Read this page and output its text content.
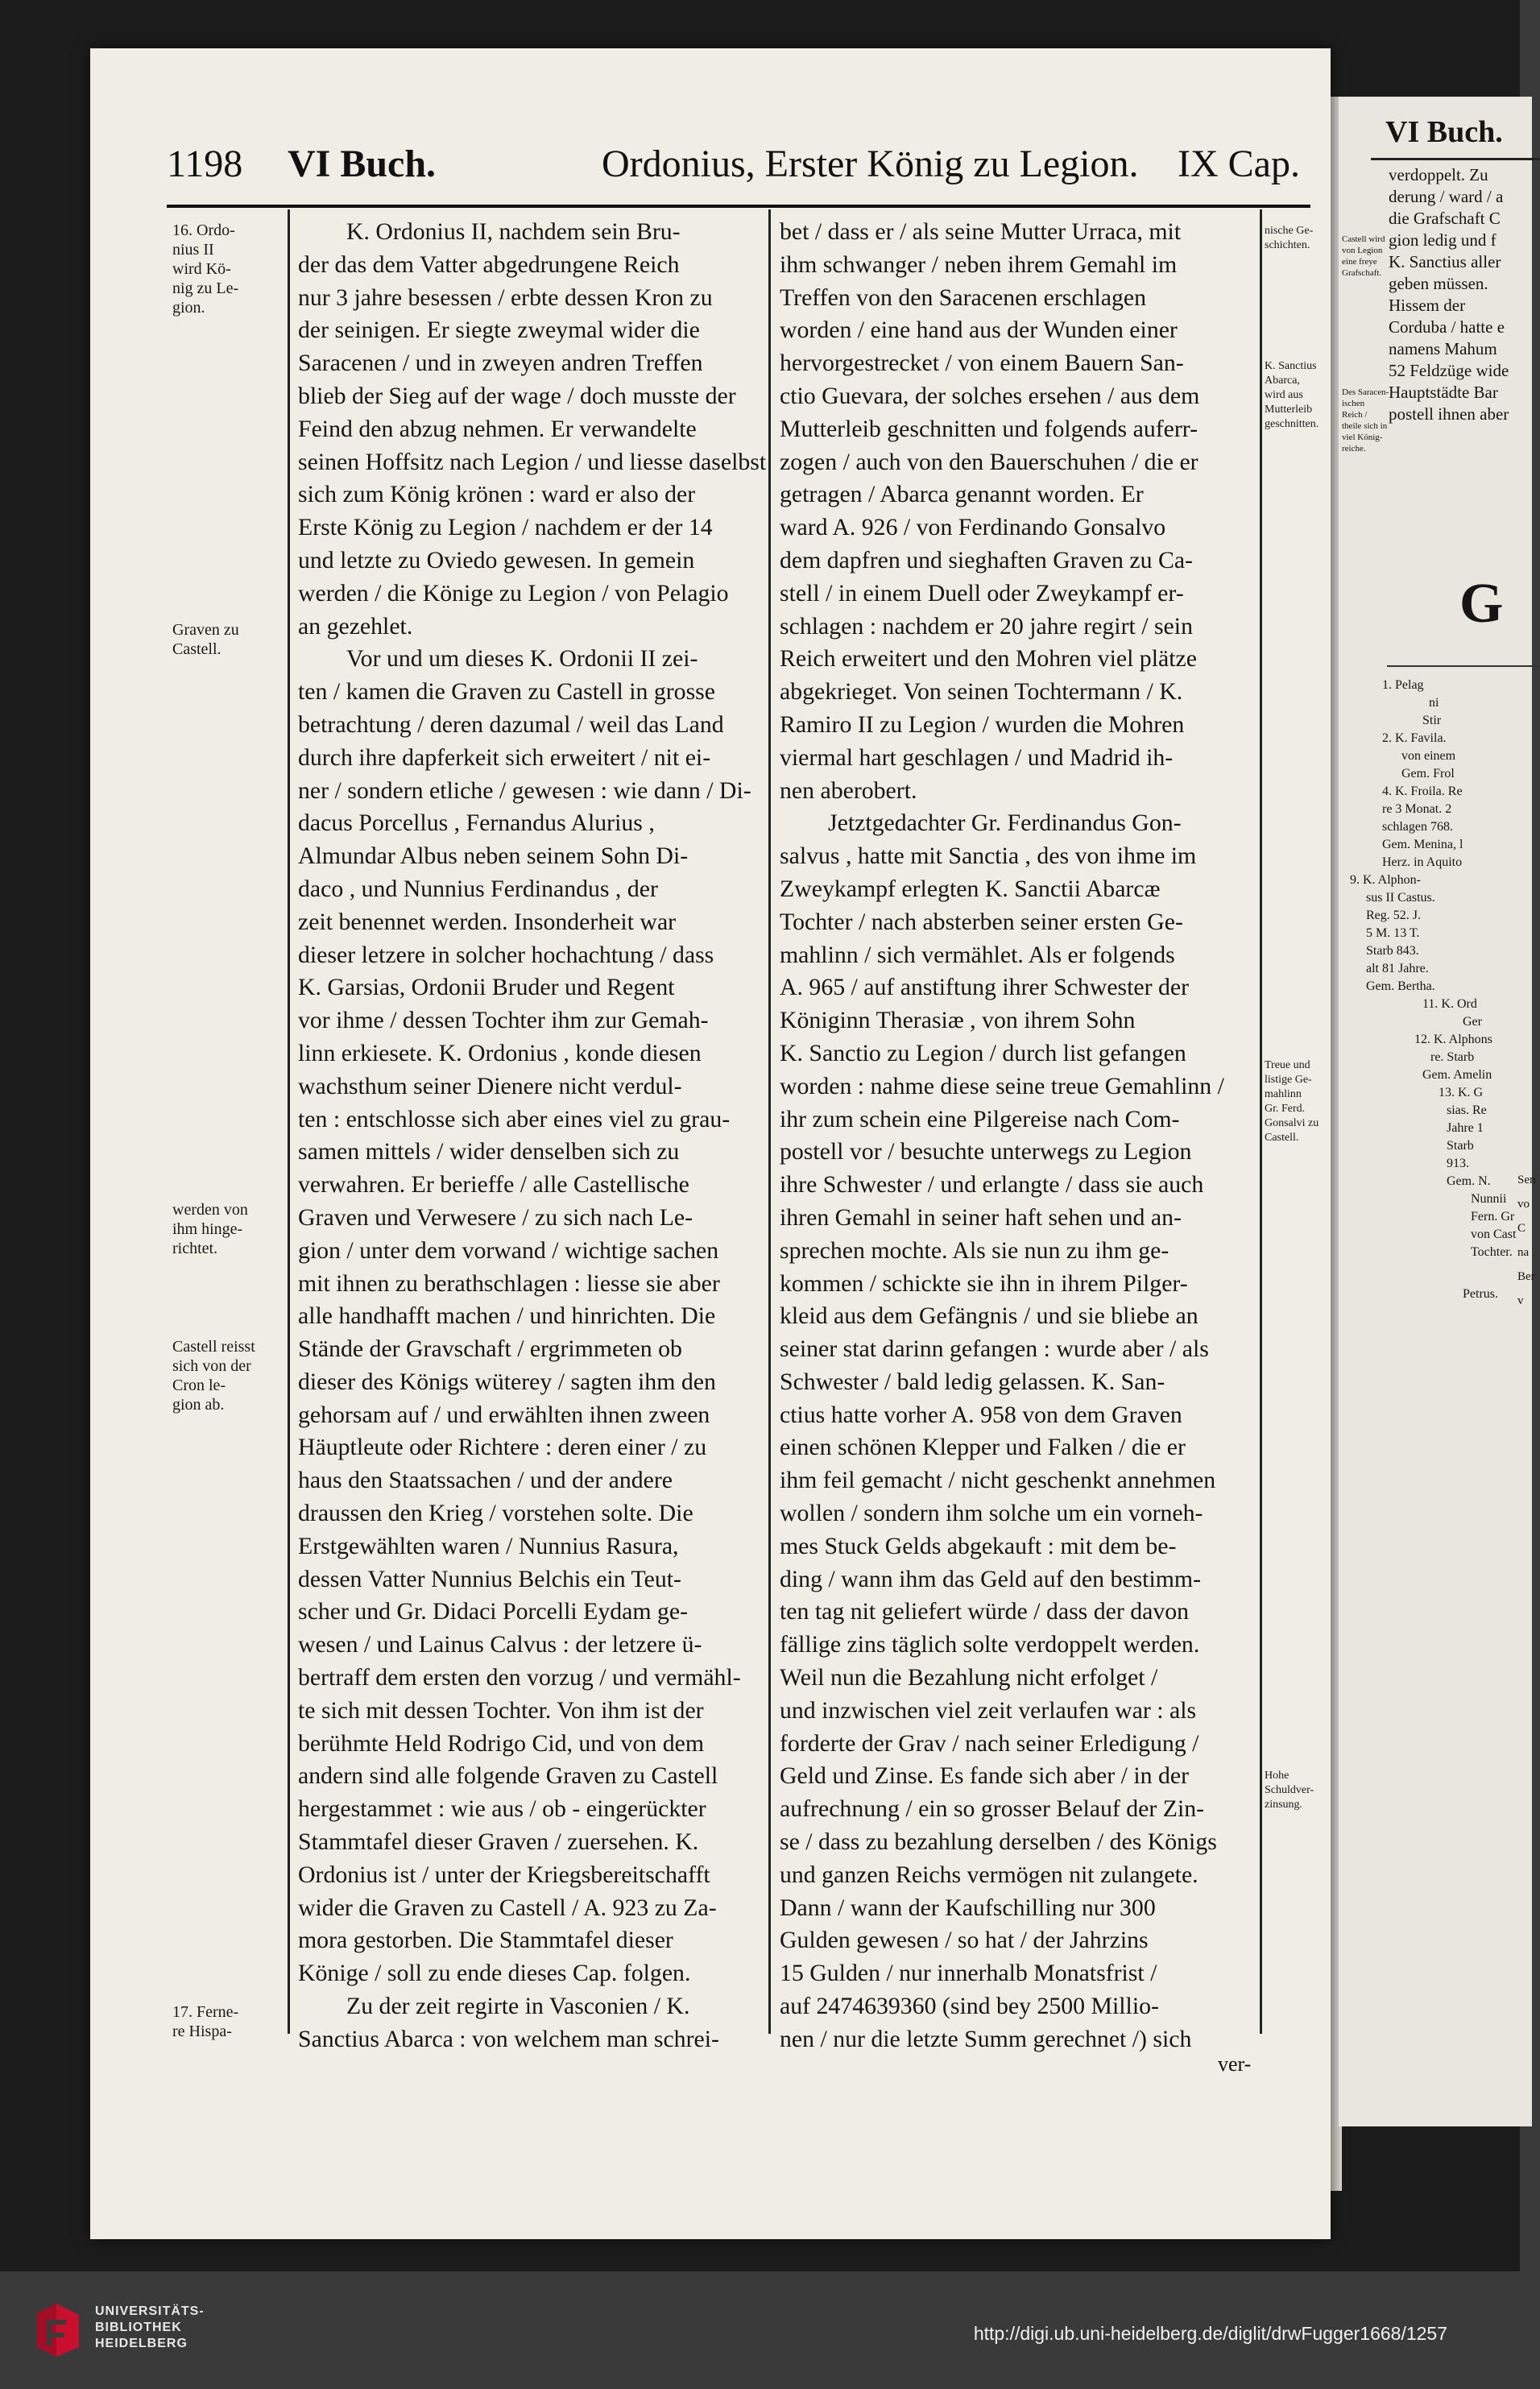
1198 VI Buch.	Ordonius, Erster König zu Legion. IX Cap.

16. Ordo-

nius II

wird Kö-

nig zu Le-

gion.

Graven zu

Castell.

werden von

ihm hinge-

richtet.

Castell reisst

sich von der

Cron le-

gion ab.

17. Ferne-

re Hispa-

K. Ordonius II, nachdem sein Bru-

der das dem Vatter abgedrungene Reich

nur 3 jahre besessen / erbte dessen Kron zu

der seinigen. Er siegte zweymal wider die

Saracenen / und in zweyen andren Treffen

blieb der Sieg auf der wage / doch musste der

Feind den abzug nehmen. Er verwandelte

seinen Hoffsitz nach Legion / und liesse daselbst

sich zum König krönen : ward er also der

Erste König zu Legion / nachdem er der 14

und letzte zu Oviedo gewesen. In gemein

werden / die Könige zu Legion / von Pelagio

an gezehlet.

Vor und um dieses K. Ordonii II zei-

ten / kamen die Graven zu Castell in grosse

betrachtung / deren dazumal / weil das Land

durch ihre dapferkeit sich erweitert / nit ei-

ner / sondern etliche / gewesen : wie dann / Di-

dacus Porcellus , Fernandus Alurius ,

Almundar Albus neben seinem Sohn Di-

daco , und Nunnius Ferdinandus , der

zeit benennet werden. Insonderheit war

dieser letzere in solcher hochachtung / dass

K. Garsias, Ordonii Bruder und Regent

vor ihme / dessen Tochter ihm zur Gemah-

linn erkiesete. K. Ordonius , konde diesen

wachsthum seiner Dienere nicht verdul-

ten : entschlosse sich aber eines viel zu grau-

samen mittels / wider denselben sich zu

verwahren. Er berieffe / alle Castellische

Graven und Verwesere / zu sich nach Le-

gion / unter dem vorwand / wichtige sachen

mit ihnen zu berathschlagen : liesse sie aber

alle handhafft machen / und hinrichten. Die

Stände der Gravschaft / ergrimmeten ob

dieser des Königs wüterey / sagten ihm den

gehorsam auf / und erwählten ihnen zween

Häuptleute oder Richtere : deren einer / zu

haus den Staatssachen / und der andere

draussen den Krieg / vorstehen solte. Die

Erstgewählten waren / Nunnius Rasura,

dessen Vatter Nunnius Belchis ein Teut-

scher und Gr. Didaci Porcelli Eydam ge-

wesen / und Lainus Calvus : der letzere ü-

bertraff dem ersten den vorzug / und vermähl-

te sich mit dessen Tochter. Von ihm ist der

berühmte Held Rodrigo Cid, und von dem

andern sind alle folgende Graven zu Castell

hergestammet : wie aus / ob - eingerückter

Stammtafel dieser Graven / zuersehen. K.

Ordonius ist / unter der Kriegsbereitschafft

wider die Graven zu Castell / A. 923 zu Za-

mora gestorben. Die Stammtafel dieser

Könige / soll zu ende dieses Cap. folgen.

Zu der zeit regirte in Vasconien / K.

Sanctius Abarca : von welchem man schrei-

bet / dass er / als seine Mutter Urraca, mit

ihm schwanger / neben ihrem Gemahl im

Treffen von den Saracenen erschlagen

worden / eine hand aus der Wunden einer

hervorgestrecket / von einem Bauern San-

ctio Guevara, der solches ersehen / aus dem

Mutterleib geschnitten und folgends auferr-

zogen / auch von den Bauerschuhen / die er

getragen / Abarca genannt worden. Er

ward A. 926 / von Ferdinando Gonsalvo

dem dapfren und sieghaften Graven zu Ca-

stell / in einem Duell oder Zweykampf er-

schlagen : nachdem er 20 jahre regirt / sein

Reich erweitert und den Mohren viel plätze

abgekrieget. Von seinen Tochtermann / K.

Ramiro II zu Legion / wurden die Mohren

viermal hart geschlagen / und Madrid ih-

nen aberobert.

Jetztgedachter Gr. Ferdinandus Gon-

salvus , hatte mit Sanctia , des von ihme im

Zweykampf erlegten K. Sanctii Abarcæ

Tochter / nach absterben seiner ersten Ge-

mahlinn / sich vermählet. Als er folgends

A. 965 / auf anstiftung ihrer Schwester der

Königinn Therasiæ , von ihrem Sohn

K. Sanctio zu Legion / durch list gefangen

worden : nahme diese seine treue Gemahlinn /

ihr zum schein eine Pilgereise nach Com-

postell vor / besuchte unterwegs zu Legion

ihre Schwester / und erlangte / dass sie auch

ihren Gemahl in seiner haft sehen und an-

sprechen mochte. Als sie nun zu ihm ge-

kommen / schickte sie ihn in ihrem Pilger-

kleid aus dem Gefängnis / und sie bliebe an

seiner stat darinn gefangen : wurde aber / als

Schwester / bald ledig gelassen. K. San-

ctius hatte vorher A. 958 von dem Graven

einen schönen Klepper und Falken / die er

ihm feil gemacht / nicht geschenkt annehmen

wollen / sondern ihm solche um ein vorneh-

mes Stuck Gelds abgekauft : mit dem be-

ding / wann ihm das Geld auf den bestimm-

ten tag nit geliefert würde / dass der davon

fällige zins täglich solte verdoppelt werden.

Weil nun die Bezahlung nicht erfolget /

und inzwischen viel zeit verlaufen war : als

forderte der Grav / nach seiner Erledigung /

Geld und Zinse. Es fande sich aber / in der

aufrechnung / ein so grosser Belauf der Zin-

se / dass zu bezahlung derselben / des Königs

und ganzen Reichs vermögen nit zulangete.

Dann / wann der Kaufschilling nur 300

Gulden gewesen / so hat / der Jahrzins

15 Gulden / nur innerhalb Monatsfrist /

auf 2474639360 (sind bey 2500 Millio-

nen / nur die letzte Summ gerechnet /) sich

nische Ge-

schichten.

K. Sanctius

Abarca,

wird aus

Mutterleib

geschnitten.

Treue und

listige Ge-

mahlinn

Gr. Ferd.

Gonsalvi zu

Castell.

Hohe

Schuldver-

zinsung.

ver-
VI Buch.

verdoppelt. Zu

derung / ward / a

die Grafschaft C

gion ledig und f

K. Sanctius aller

geben müssen.

Hissem der

Corduba / hatte e

namens Mahum

52 Feldzüge wide

Hauptstädte Bar

postell ihnen aber

Castell wird

von Legion

eine freye

Grafschaft.

Des Saracen-

ischen

Reich /

theile sich in

viel König-

reiche.

G

1. Pelag

ni

Stir

2. K. Favila.

von einem

Gem. Frol

4. K. Froila. Re

re 3 Monat. 2

schlagen 768.

Gem. Menina, l

Herz. in Aquito

9. K. Alphon-

sus II Castus.

Reg. 52. J.

5 M. 13 T.

Starb 843.

alt 81 Jahre.

Gem. Bertha.

11. K. Ord

Ger

12. K. Alphons

re. Starb

Gem. Amelin

13. K. G

sias. Re

Jahre 1

Starb

913.

Gem. N.

Nunnii

Fern. Gr

von Cast

Tochter.

Petrus.

Sen

vo

C

na

Ber

v

UNIVERSITÄTS-

BIBLIOTHEK

HEIDELBERG	http://digi.ub.uni-heidelberg.de/diglit/drwFugger1668/1257
